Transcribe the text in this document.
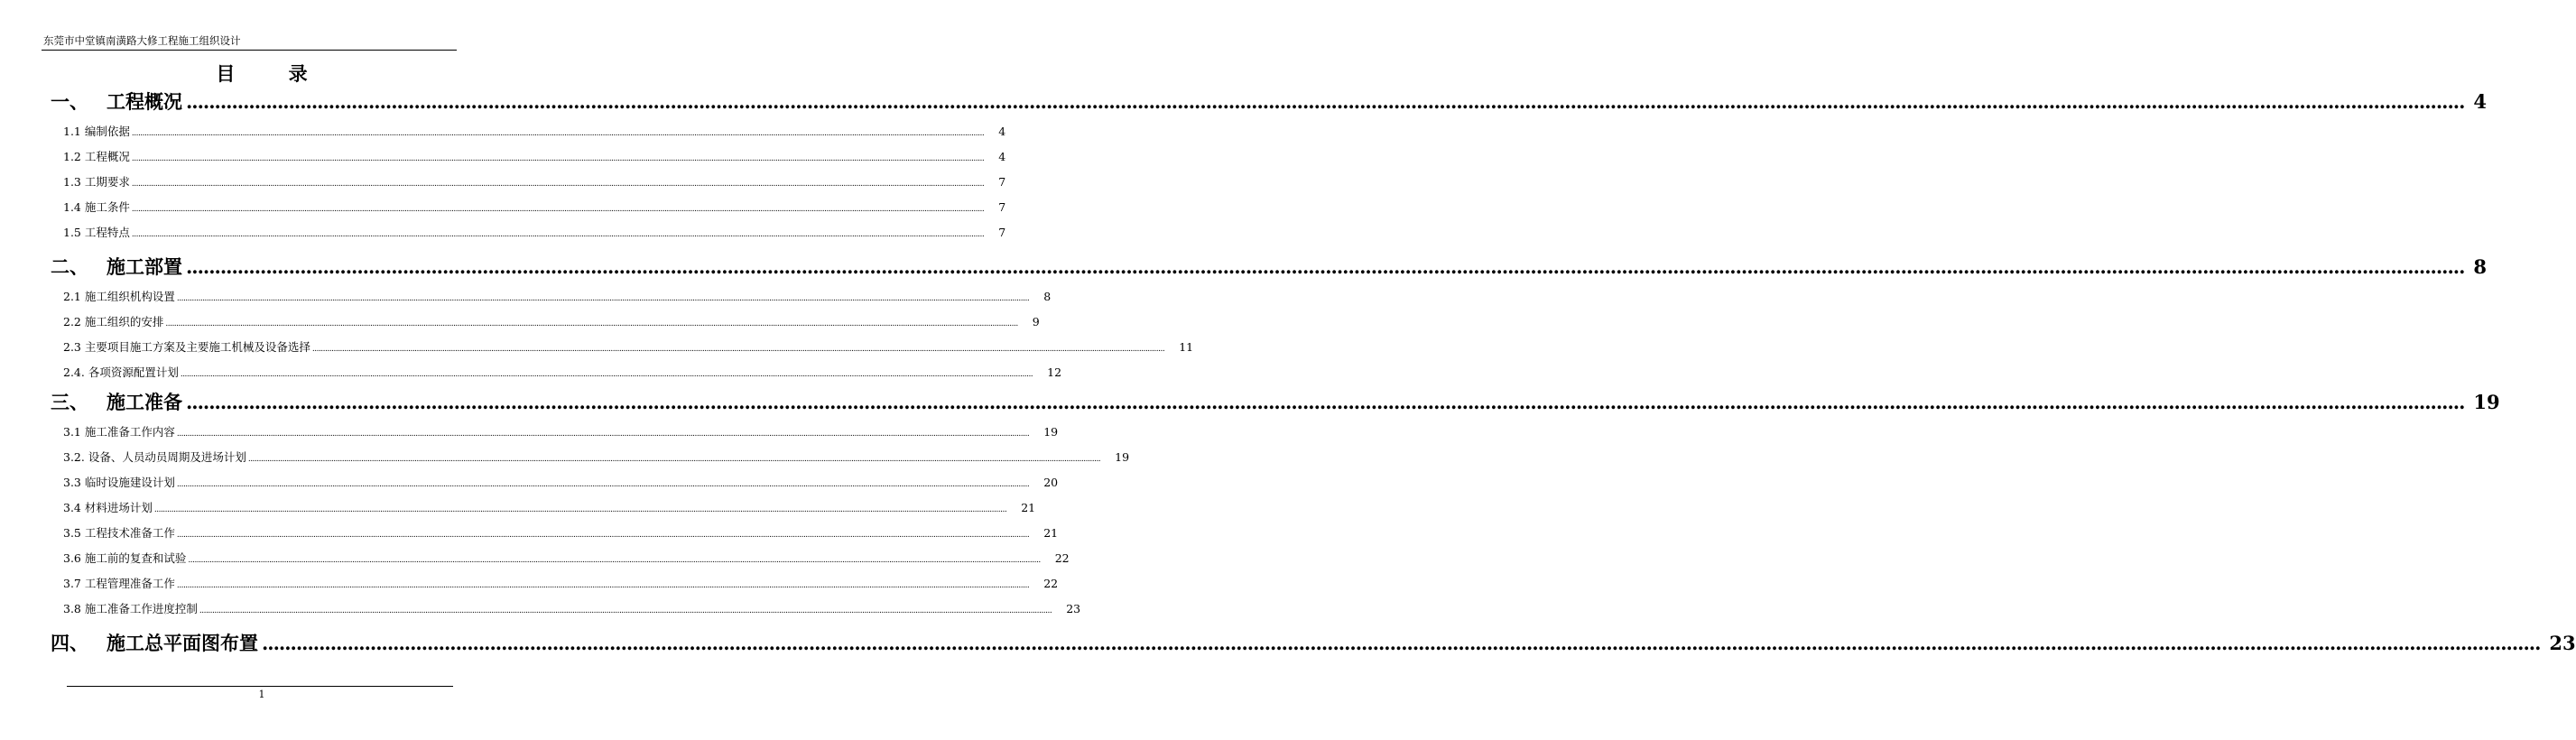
东莞市中堂镇南潢路大修工程施工组织设计
目 录
一、 工程概况 ................................................................................................................................................................................................................................................................................................................................................................................................................ 4
1.1 编制依据 ................................................................................................................................................................................................................................................................................................................................................................................................................ 4
1.2 工程概况 ................................................................................................................................................................................................................................................................................................................................................................................................................ 4
1.3 工期要求 ................................................................................................................................................................................................................................................................................................................................................................................................................ 7
1.4 施工条件 ................................................................................................................................................................................................................................................................................................................................................................................................................ 7
1.5 工程特点 ................................................................................................................................................................................................................................................................................................................................................................................................................ 7
二、 施工部置 ................................................................................................................................................................................................................................................................................................................................................................................................................ 8
2.1 施工组织机构设置 ................................................................................................................................................................................................................................................................................................................................................................................................................ 8
2.2 施工组织的安排 ................................................................................................................................................................................................................................................................................................................................................................................................................ 9
2.3 主要项目施工方案及主要施工机械及设备选择 ................................................................................................................................................................................................................................................................................................................................................................................................................ 11
2.4. 各项资源配置计划 ................................................................................................................................................................................................................................................................................................................................................................................................................ 12
三、 施工准备 ................................................................................................................................................................................................................................................................................................................................................................................................................ 19
3.1 施工准备工作内容 ................................................................................................................................................................................................................................................................................................................................................................................................................ 19
3.2. 设备、人员动员周期及进场计划 ................................................................................................................................................................................................................................................................................................................................................................................................................ 19
3.3 临时设施建设计划 ................................................................................................................................................................................................................................................................................................................................................................................................................ 20
3.4 材料进场计划 ................................................................................................................................................................................................................................................................................................................................................................................................................ 21
3.5 工程技术准备工作 ................................................................................................................................................................................................................................................................................................................................................................................................................ 21
3.6 施工前的复查和试验 ................................................................................................................................................................................................................................................................................................................................................................................................................ 22
3.7 工程管理准备工作 ................................................................................................................................................................................................................................................................................................................................................................................................................ 22
3.8 施工准备工作进度控制 ................................................................................................................................................................................................................................................................................................................................................................................................................ 23
四、 施工总平面图布置 ................................................................................................................................................................................................................................................................................................................................................................................................................ 23
1
